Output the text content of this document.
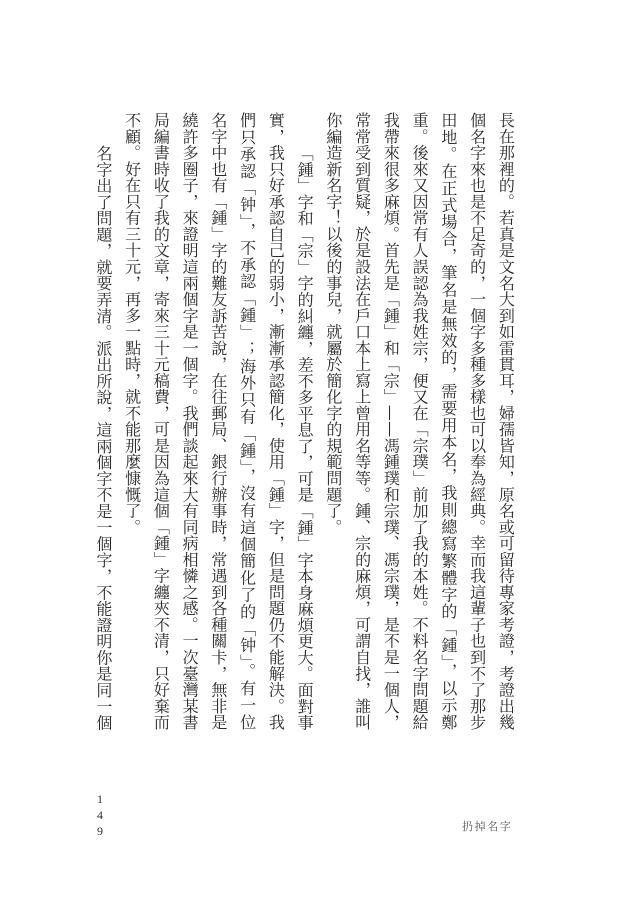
長在那裡的。若真是文名大到如雷貫耳，婦孺皆知，原名或可留待專家考證，考證出幾
個名字來也是不足奇的，一個字多種多樣也可以奉為經典。幸而我這輩子也到不了那步
田地。在正式場合，筆名是無效的，需要用本名，我則總寫繁體字的「鍾」，以示鄭
重。後來又因常有人誤認為我姓宗，便又在「宗璞」前加了我的本姓。不料名字問題給
我帶來很多麻煩。首先是「鍾」和「宗」——馮鍾璞和宗璞、馮宗璞，是不是一個人，
常常受到質疑，於是設法在戶口本上寫上曾用名等等。鍾、宗的麻煩，可謂自找，誰叫
你編造新名字！以後的事兒，就屬於簡化字的規範問題了。
「鍾」字和「宗」字的糾纏，差不多平息了，可是「鍾」字本身麻煩更大。面對事
實，我只好承認自己的弱小，漸漸承認簡化，使用「鍾」字，但是問題仍不能解決。我
們只承認「钟」，不承認「鍾」；海外只有「鍾」，沒有這個簡化了的「钟」。有一位
名字中也有「鍾」字的難友訴苦說，在往郵局、銀行辦事時，常遇到各種關卡，無非是
繞許多圈子，來證明這兩個字是一個字。我們談起來大有同病相憐之感。一次臺灣某書
局編書時收了我的文章，寄來三十元稿費，可是因為這個「鍾」字纏夾不清，只好棄而
不顧。好在只有三十元，再多一點時，就不能那麼慷慨了。
名字出了問題，就要弄清。派出所說，這兩個字不是一個字，不能證明你是同一個
149	扔掉名字
